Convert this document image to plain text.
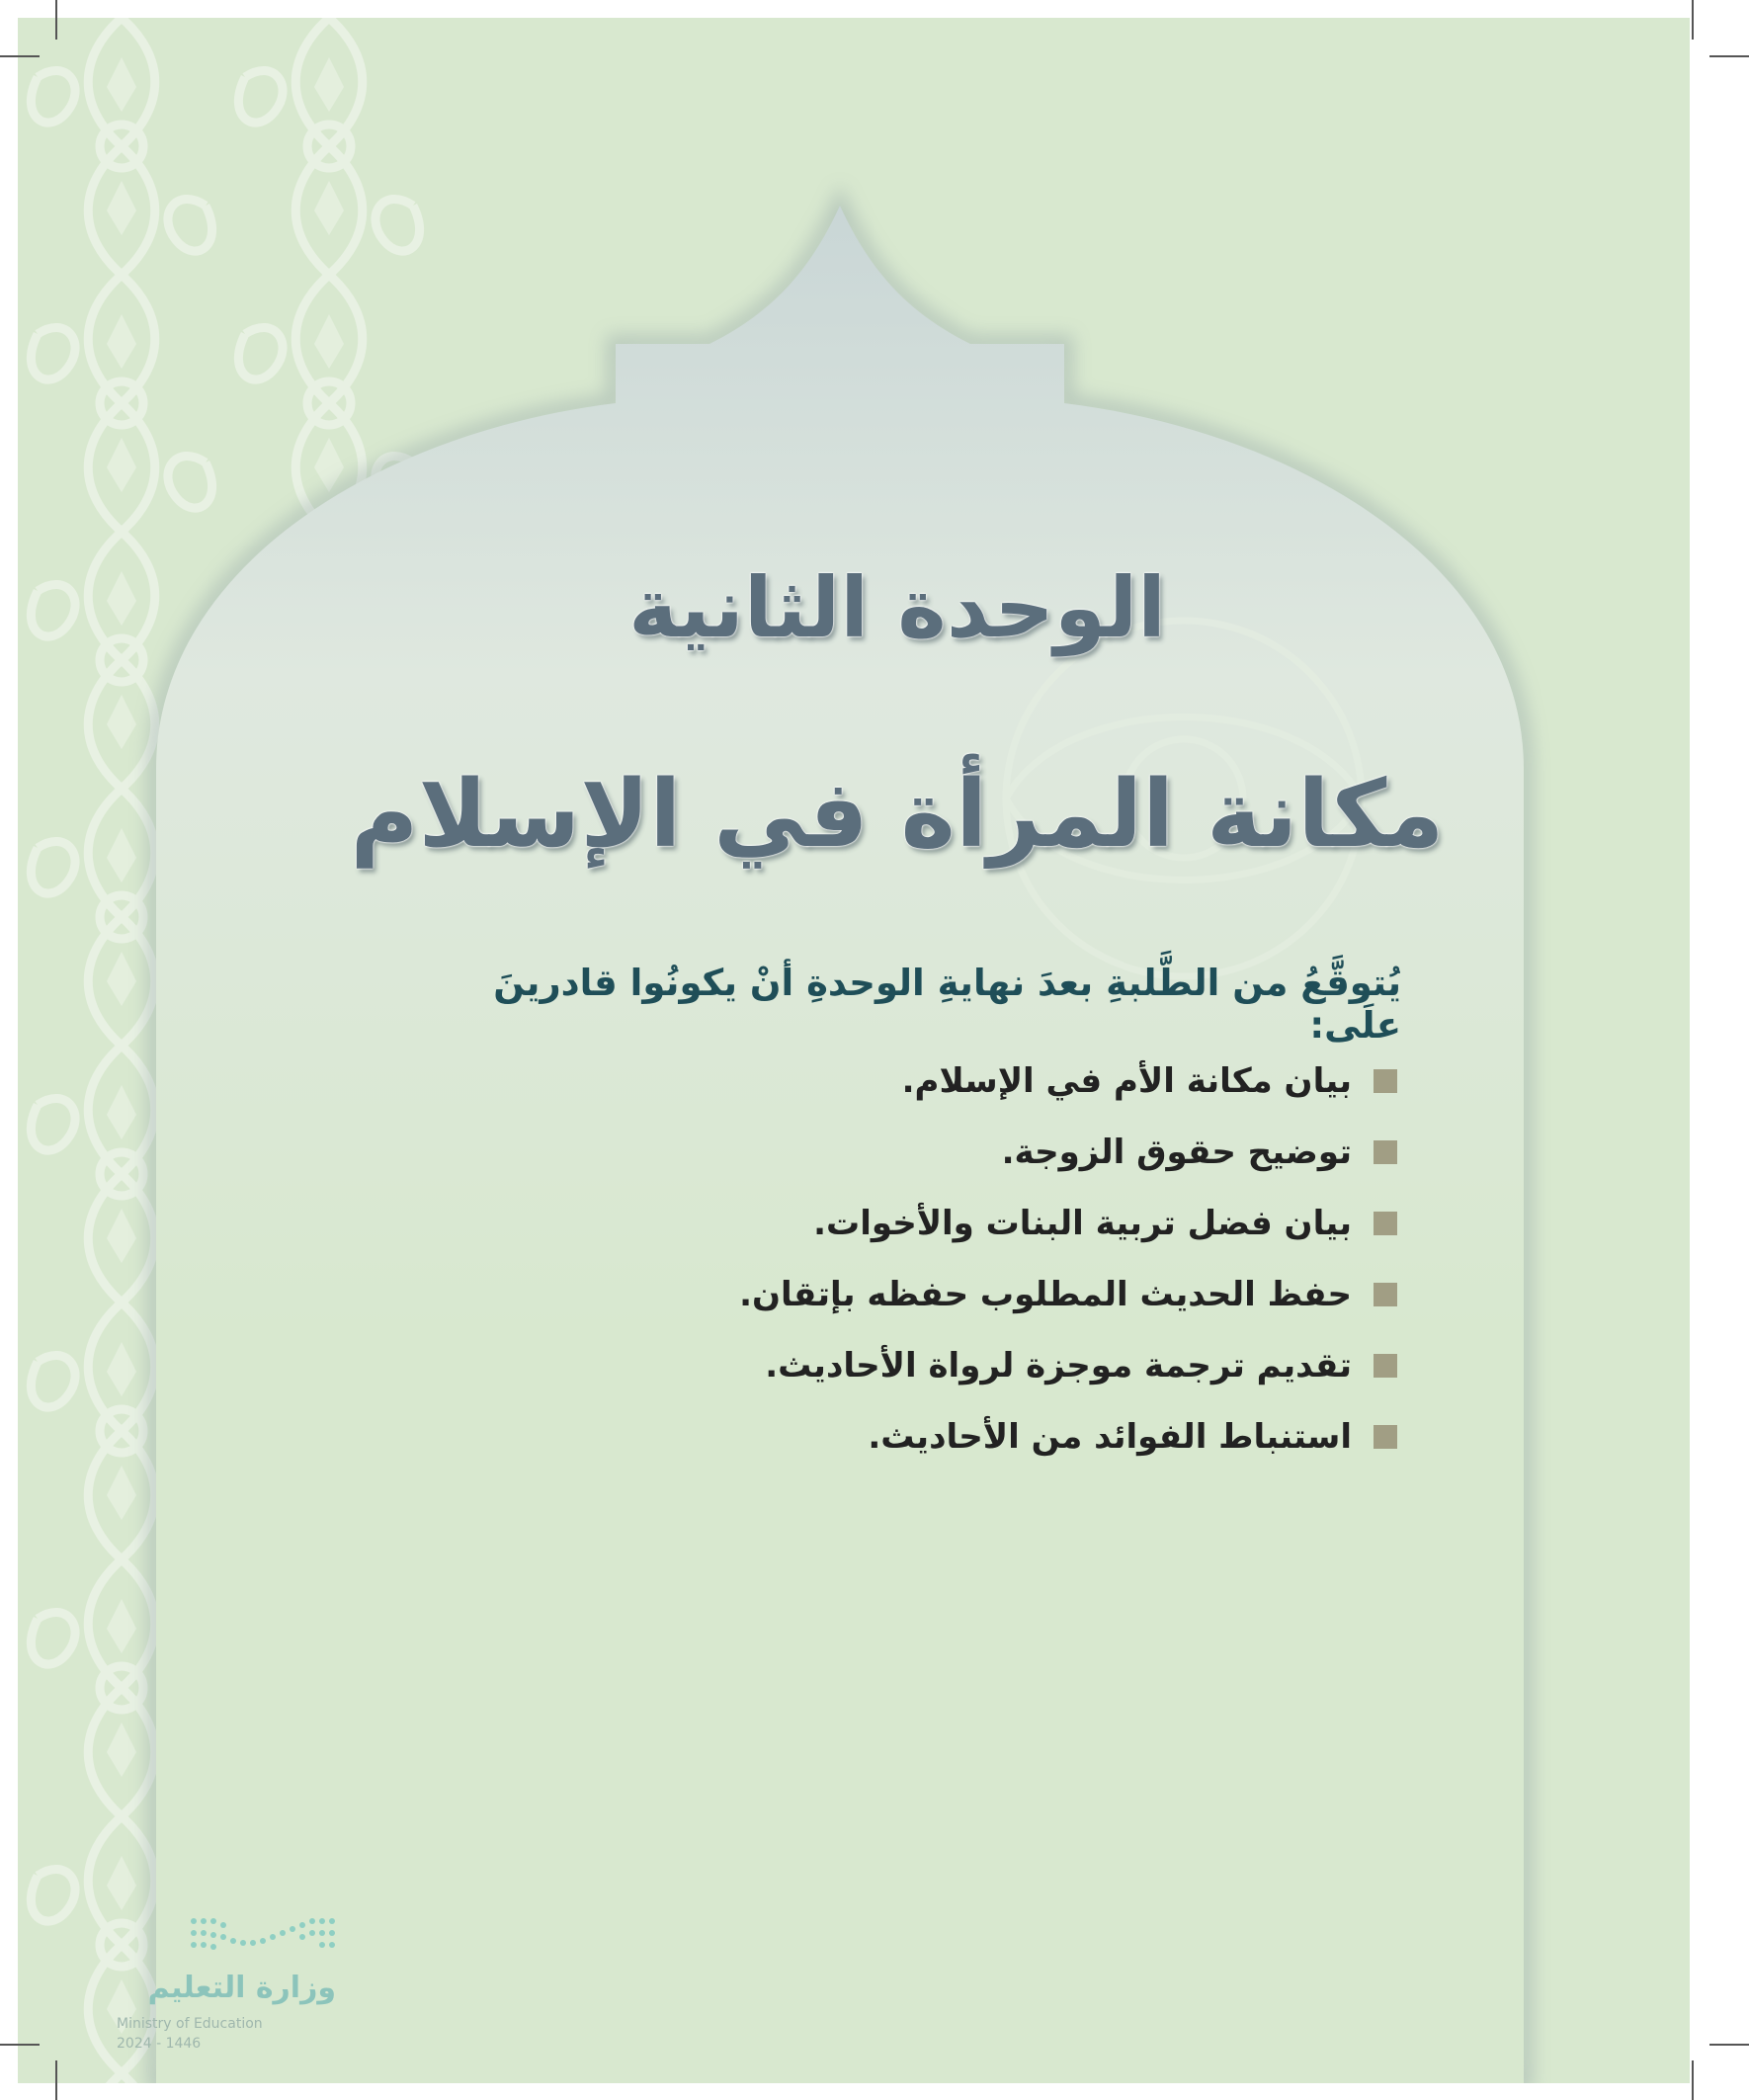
الوحدة الثانية
مكانة المرأة في الإسلام
يُتوقَّعُ من الطَّلبةِ بعدَ نهايةِ الوحدةِ أنْ يكونُوا قادرينَ علَى:
بيان مكانة الأم في الإسلام.
توضيح حقوق الزوجة.
بيان فضل تربية البنات والأخوات.
حفظ الحديث المطلوب حفظه بإتقان.
تقديم ترجمة موجزة لرواة الأحاديث.
استنباط الفوائد من الأحاديث.
وزارة التعليم
Ministry of Education
2024 - 1446
